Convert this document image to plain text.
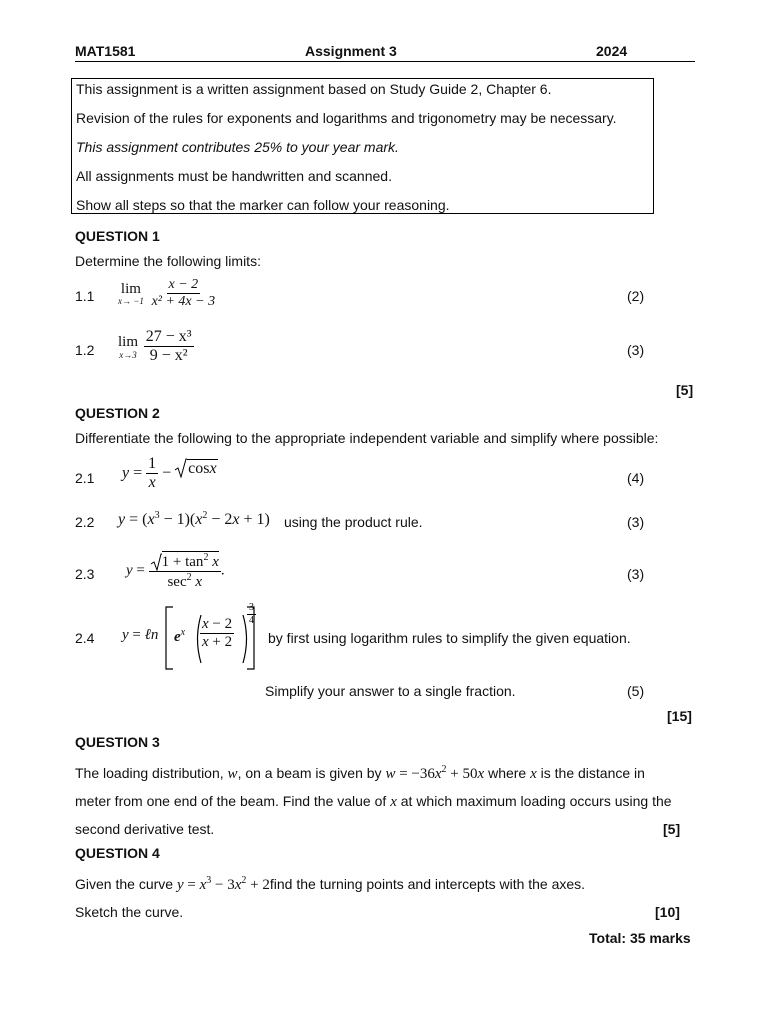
MAT1581	Assignment 3	2024

This assignment is a written assignment based on Study Guide 2, Chapter 6.

Revision of the rules for exponents and logarithms and trigonometry may be necessary.

This assignment contributes 25% to your year mark.

All assignments must be handwritten and scanned.

Show all steps so that the marker can follow your reasoning.

QUESTION 1
Determine the following limits:
1.1 lim
x→ −1
$\frac{x - 2}{\text{x² + 4x − 3}}$	(2)
1.2 lim
x→3
$\frac{\text{27 − x³}}{\text{9 − x²}}$	(3)
[5]
QUESTION 2
Differentiate the following to the appropriate independent variable and simplify where possible:
2.1 $y = \frac{1}{x} - \cos x$
(4)
2.2 $y = (x^3 - 1)(x^2 - 2x + 1)$ using the product rule.	(3)
2.3 $y = \frac{1 + \tan^2 x}{\sec^2 x}$ .	(3)
2.4 y = ℓn $e^x \frac{x - 2}{x + 2}$
$\frac{3}{4}$
by first using logarithm rules to simplify the given equation.
Simplify your answer to a single fraction.	(5)
[15]
QUESTION 3
The loading distribution, w, on a beam is given by $w = -36x^2 + 50x$ where x is the distance in
meter from one end of the beam. Find the value of x at which maximum loading occurs using the
second derivative test.	[5]
QUESTION 4
Given the curve $y = x^3 - 3x^2$ + 2find the turning points and intercepts with the axes.
Sketch the curve.	[10]
Total: 35 marks
